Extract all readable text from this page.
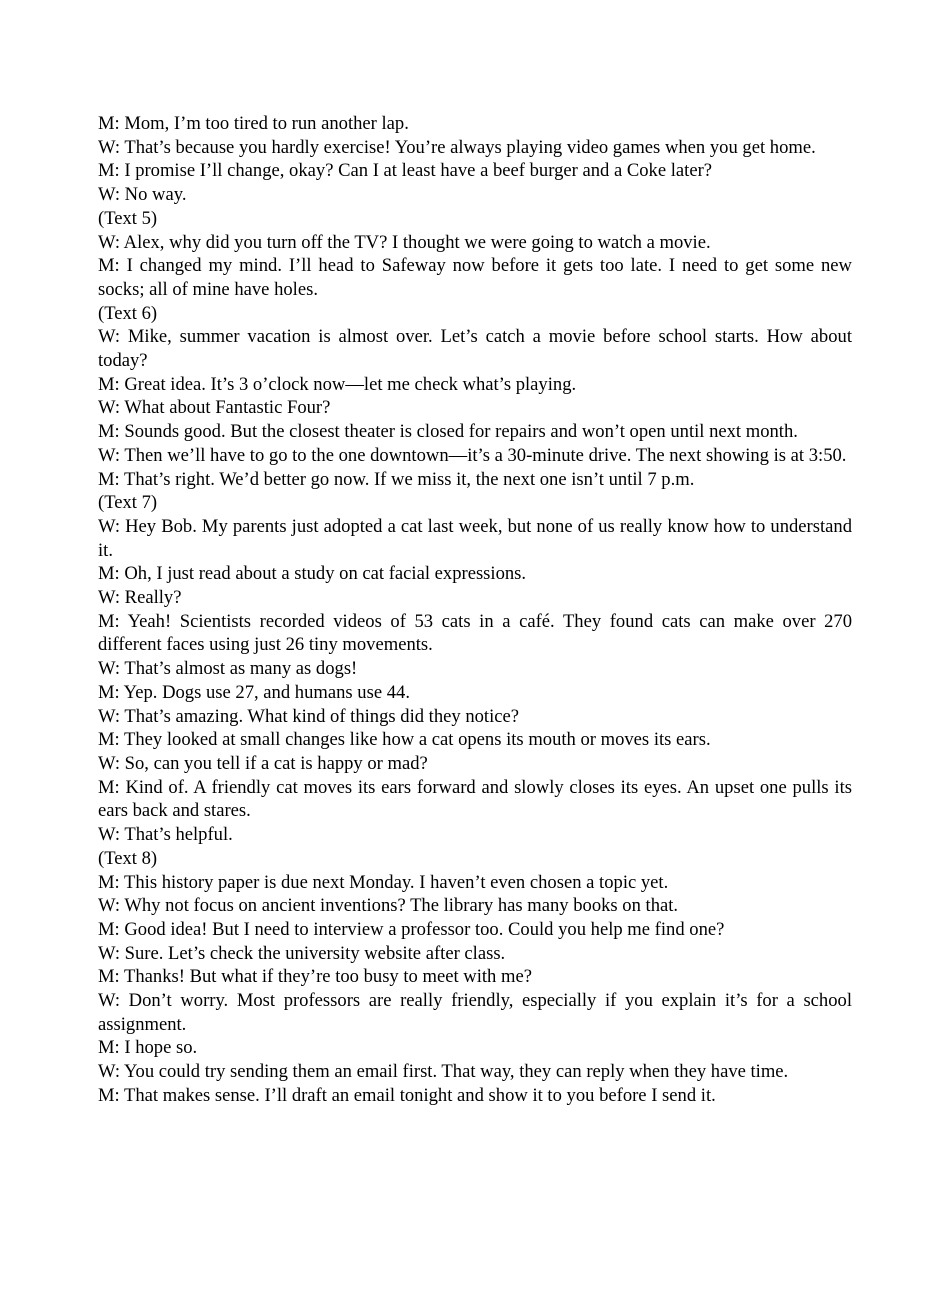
M: Mom, I’m too tired to run another lap.

W: That’s because you hardly exercise! You’re always playing video games when you get home.

M: I promise I’ll change, okay? Can I at least have a beef burger and a Coke later?

W: No way.

(Text 5)

W: Alex, why did you turn off the TV? I thought we were going to watch a movie.

M: I changed my mind. I’ll head to Safeway now before it gets too late. I need to get some new socks; all of mine have holes.

(Text 6)

W: Mike, summer vacation is almost over. Let’s catch a movie before school starts. How about today?

M: Great idea. It’s 3 o’clock now—let me check what’s playing.

W: What about Fantastic Four?

M: Sounds good. But the closest theater is closed for repairs and won’t open until next month.

W: Then we’ll have to go to the one downtown—it’s a 30-minute drive. The next showing is at 3:50.

M: That’s right. We’d better go now. If we miss it, the next one isn’t until 7 p.m.

(Text 7)

W: Hey Bob. My parents just adopted a cat last week, but none of us really know how to understand it.

M: Oh, I just read about a study on cat facial expressions.

W: Really?

M: Yeah! Scientists recorded videos of 53 cats in a café. They found cats can make over 270 different faces using just 26 tiny movements.

W: That’s almost as many as dogs!

M: Yep. Dogs use 27, and humans use 44.

W: That’s amazing. What kind of things did they notice?

M: They looked at small changes like how a cat opens its mouth or moves its ears.

W: So, can you tell if a cat is happy or mad?

M: Kind of. A friendly cat moves its ears forward and slowly closes its eyes. An upset one pulls its ears back and stares.

W: That’s helpful.

(Text 8)

M: This history paper is due next Monday. I haven’t even chosen a topic yet.

W: Why not focus on ancient inventions? The library has many books on that.

M: Good idea! But I need to interview a professor too. Could you help me find one?

W: Sure. Let’s check the university website after class.

M: Thanks! But what if they’re too busy to meet with me?

W: Don’t worry. Most professors are really friendly, especially if you explain it’s for a school assignment.

M: I hope so.

W: You could try sending them an email first. That way, they can reply when they have time.

M: That makes sense. I’ll draft an email tonight and show it to you before I send it.
